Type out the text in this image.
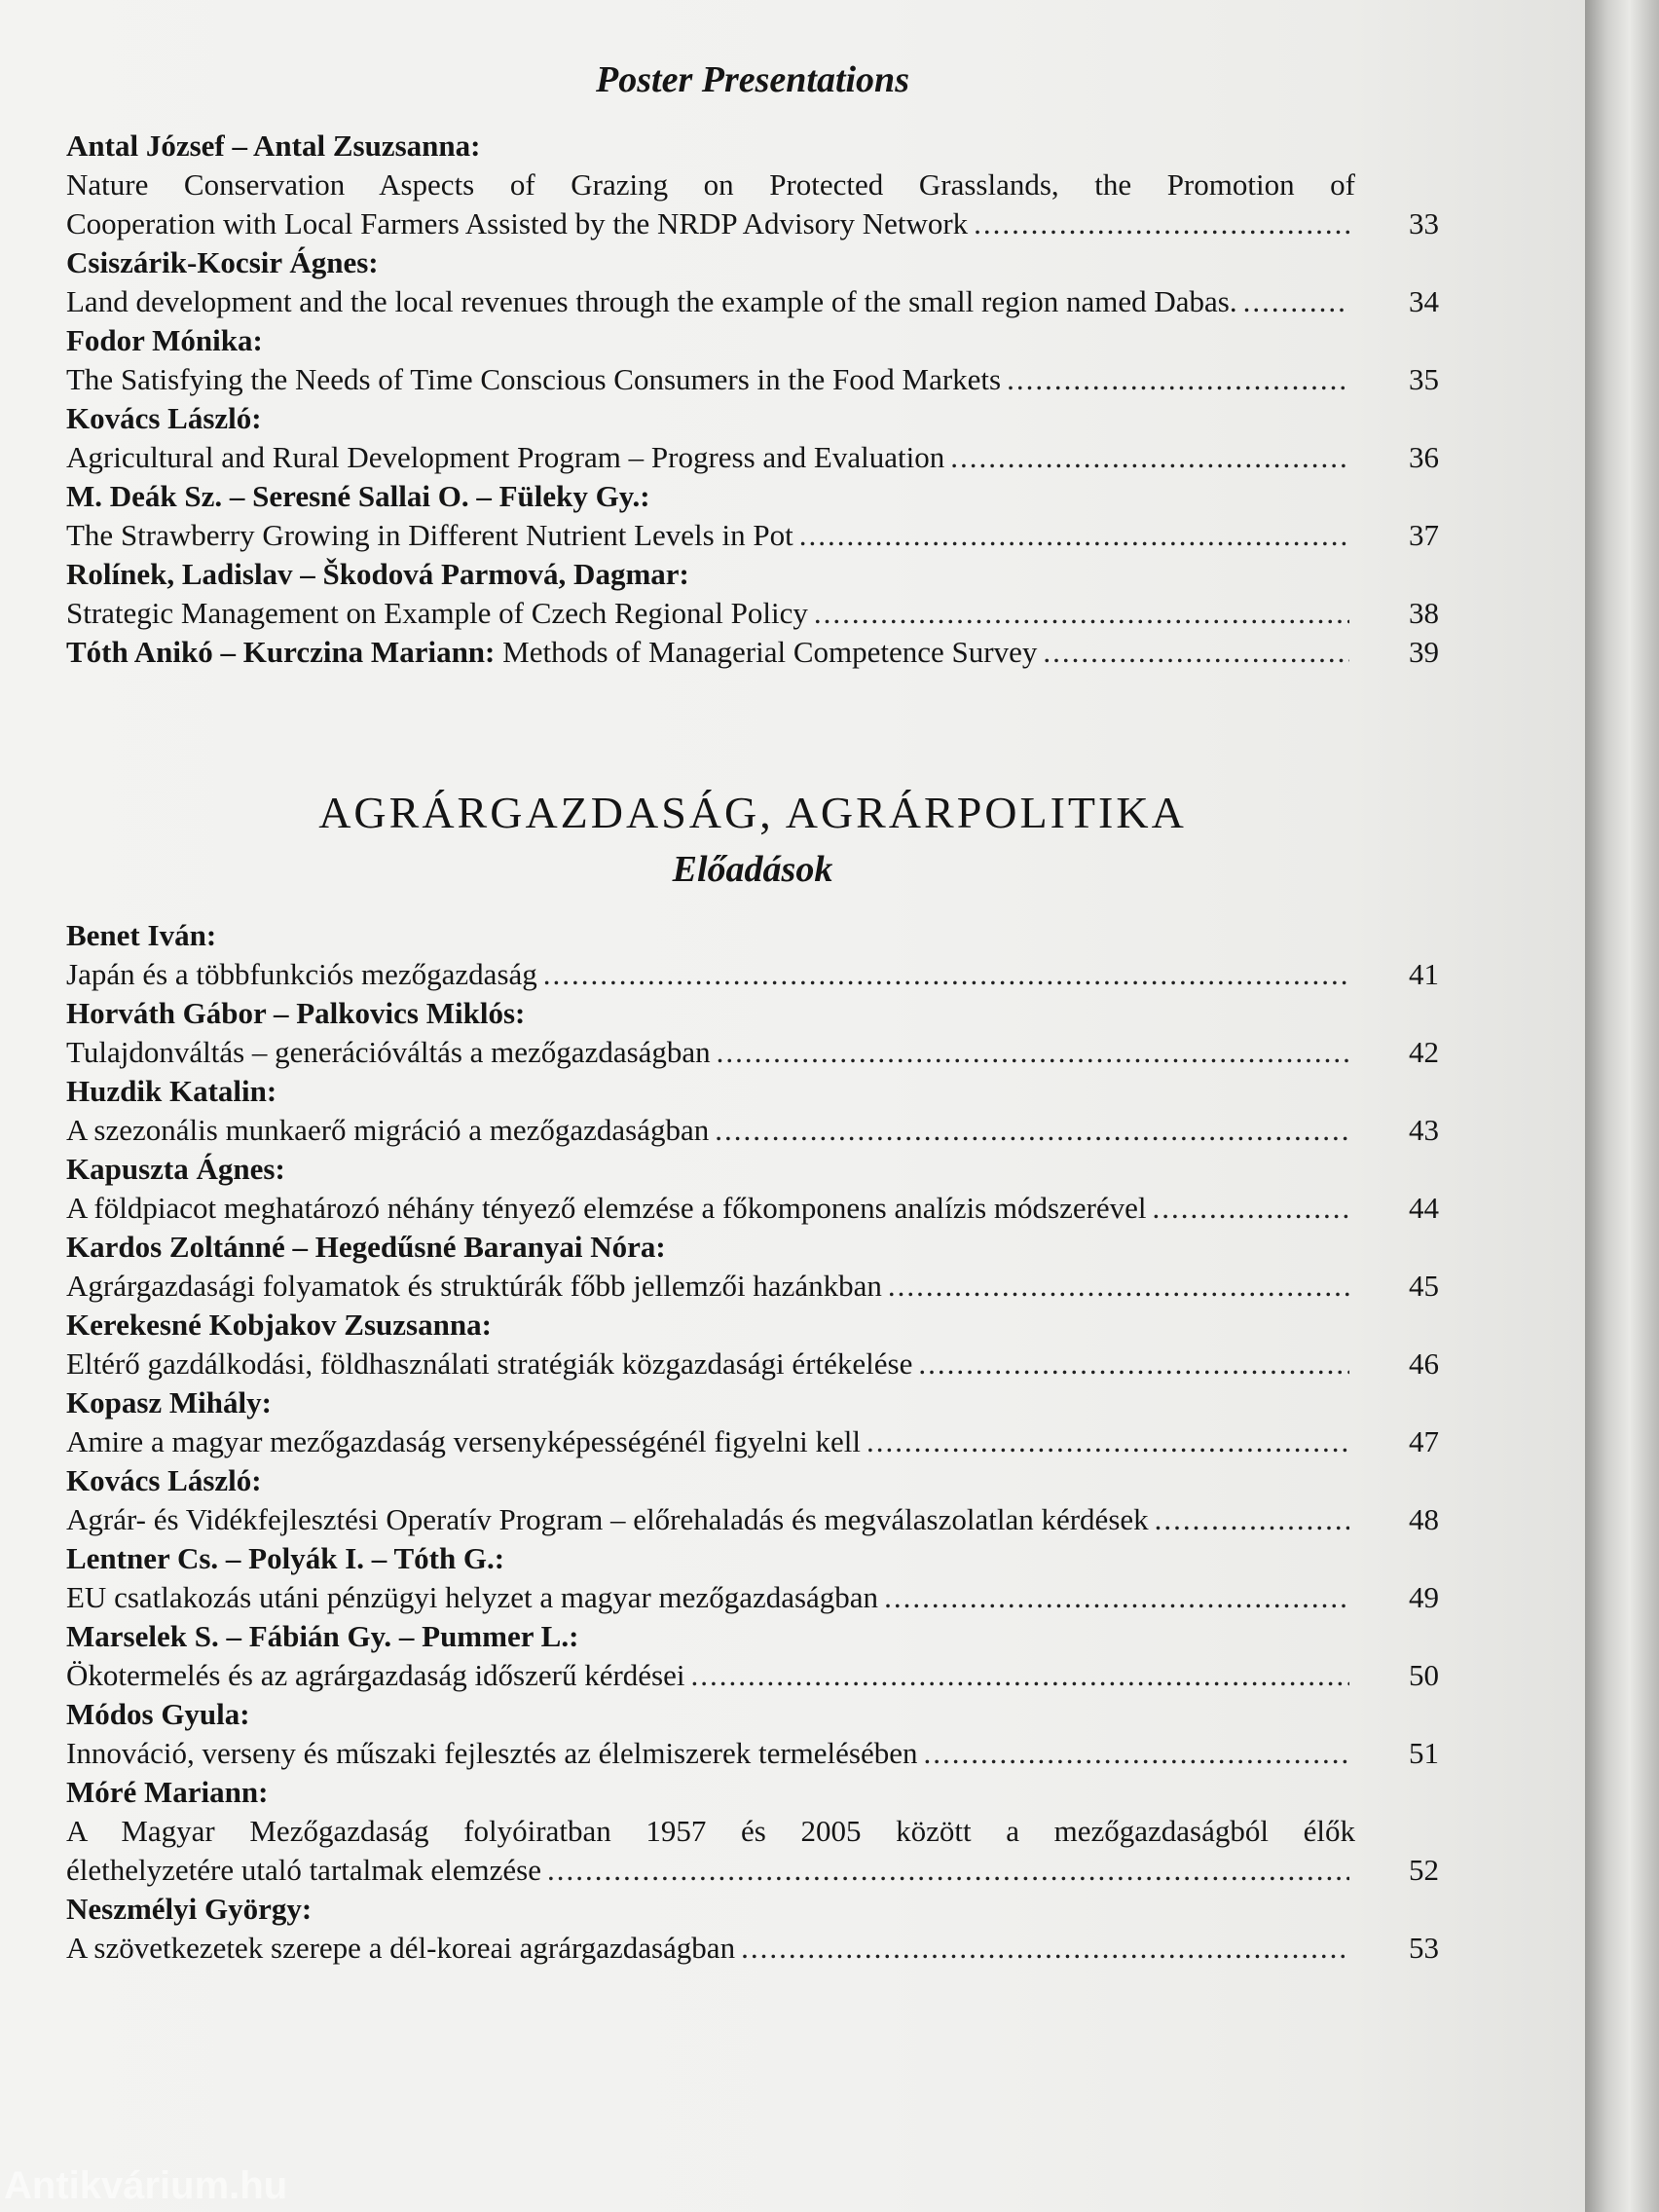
Poster Presentations
Antal József – Antal Zsuzsanna:
Nature Conservation Aspects of Grazing on Protected Grasslands, the Promotion of
Cooperation with Local Farmers Assisted by the NRDP Advisory Network .....	33
Csiszárik-Kocsir Ágnes:
Land development and the local revenues through the example of the small region named Dabas. .....	34
Fodor Mónika:
The Satisfying the Needs of Time Conscious Consumers in the Food Markets .....	35
Kovács László:
Agricultural and Rural Development Program – Progress and Evaluation .....	36
M. Deák Sz. – Seresné Sallai O. – Füleky Gy.:
The Strawberry Growing in Different Nutrient Levels in Pot .....	37
Rolínek, Ladislav – Škodová Parmová, Dagmar:
Strategic Management on Example of Czech Regional Policy .....	38
Tóth Anikó – Kurczina Mariann: Methods of Managerial Competence Survey .....	39
AGRÁRGAZDASÁG, AGRÁRPOLITIKA
Előadások
Benet Iván:
Japán és a többfunkciós mezőgazdaság .....	41
Horváth Gábor – Palkovics Miklós:
Tulajdonváltás – generációváltás a mezőgazdaságban .....	42
Huzdik Katalin:
A szezonális munkaerő migráció a mezőgazdaságban .....	43
Kapuszta Ágnes:
A földpiacot meghatározó néhány tényező elemzése a főkomponens analízis módszerével .....	44
Kardos Zoltánné – Hegedűsné Baranyai Nóra:
Agrárgazdasági folyamatok és struktúrák főbb jellemzői hazánkban .....	45
Kerekesné Kobjakov Zsuzsanna:
Eltérő gazdálkodási, földhasználati stratégiák közgazdasági értékelése .....	46
Kopasz Mihály:
Amire a magyar mezőgazdaság versenyképességénél figyelni kell .....	47
Kovács László:
Agrár- és Vidékfejlesztési Operatív Program – előrehaladás és megválaszolatlan kérdések .....	48
Lentner Cs. – Polyák I. – Tóth G.:
EU csatlakozás utáni pénzügyi helyzet a magyar mezőgazdaságban .....	49
Marselek S. – Fábián Gy. – Pummer L.:
Ökotermelés és az agrárgazdaság időszerű kérdései .....	50
Módos Gyula:
Innováció, verseny és műszaki fejlesztés az élelmiszerek termelésében .....	51
Móré Mariann:
A Magyar Mezőgazdaság folyóiratban 1957 és 2005 között a mezőgazdaságból élők
élethelyzetére utaló tartalmak elemzése .....	52
Neszmélyi György:
A szövetkezetek szerepe a dél-koreai agrárgazdaságban .....	53
Antikvárium.hu
